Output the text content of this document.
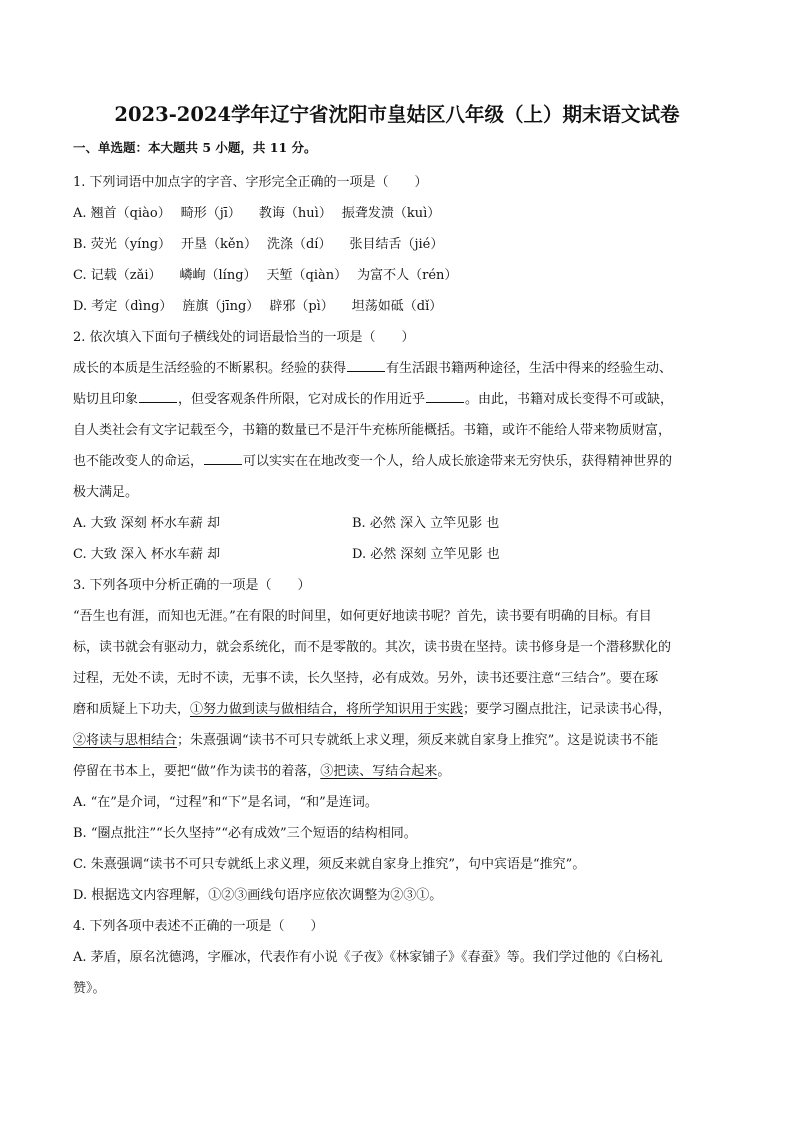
2023-2024学年辽宁省沈阳市皇姑区八年级（上）期末语文试卷
一、单选题：本大题共 5 小题，共 11 分。
1. 下列词语中加点字的字音、字形完全正确的一项是（　　）
A. 翘首（qiào） 畸形（jī） 教诲（huì） 振聋发溃（kuì）
B. 荧光（yíng） 开垦（kěn） 洗涤（dí） 张目结舌（jié）
C. 记载（zǎi） 嶙峋（líng） 天堑（qiàn） 为富不人（rén）
D. 考定（dìng） 旌旗（jīng） 辟邪（pì） 坦荡如砥（dǐ）
2. 依次填入下面句子横线处的词语最恰当的一项是（　　）
成长的本质是生活经验的不断累积。经验的获得	有生活跟书籍两种途径，生活中得来的经验生动、
贴切且印象	，但受客观条件所限，它对成长的作用近乎	。由此，书籍对成长变得不可或缺，
自人类社会有文字记载至今，书籍的数量已不是汗牛充栋所能概括。书籍，或许不能给人带来物质财富，
也不能改变人的命运，	可以实实在在地改变一个人，给人成长旅途带来无穷快乐，获得精神世界的
极大满足。
A. 大致 深刻 杯水车薪 却	B. 必然 深入 立竿见影 也
C. 大致 深入 杯水车薪 却	D. 必然 深刻 立竿见影 也
3. 下列各项中分析正确的一项是（　　）
“吾生也有涯，而知也无涯。”在有限的时间里，如何更好地读书呢？首先，读书要有明确的目标。有目
标，读书就会有驱动力，就会系统化，而不是零散的。其次，读书贵在坚持。读书修身是一个潜移默化的
过程，无处不读，无时不读，无事不读，长久坚持，必有成效。另外，读书还要注意“三结合”。要在琢
磨和质疑上下功夫，①努力做到读与做相结合，将所学知识用于实践；要学习圈点批注，记录读书心得，
②将读与思相结合；朱熹强调“读书不可只专就纸上求义理，须反来就自家身上推究”。这是说读书不能
停留在书本上，要把“做”作为读书的着落，③把读、写结合起来。
A. “在”是介词，“过程”和“下”是名词，“和”是连词。
B. “圈点批注”“长久坚持”“必有成效”三个短语的结构相同。
C. 朱熹强调“读书不可只专就纸上求义理，须反来就自家身上推究”，句中宾语是“推究”。
D. 根据选文内容理解，①②③画线句语序应依次调整为②③①。
4. 下列各项中表述不正确的一项是（　　）
A. 茅盾，原名沈德鸿，字雁冰，代表作有小说《子夜》《林家铺子》《春蚕》等。我们学过他的《白杨礼
赞》。
